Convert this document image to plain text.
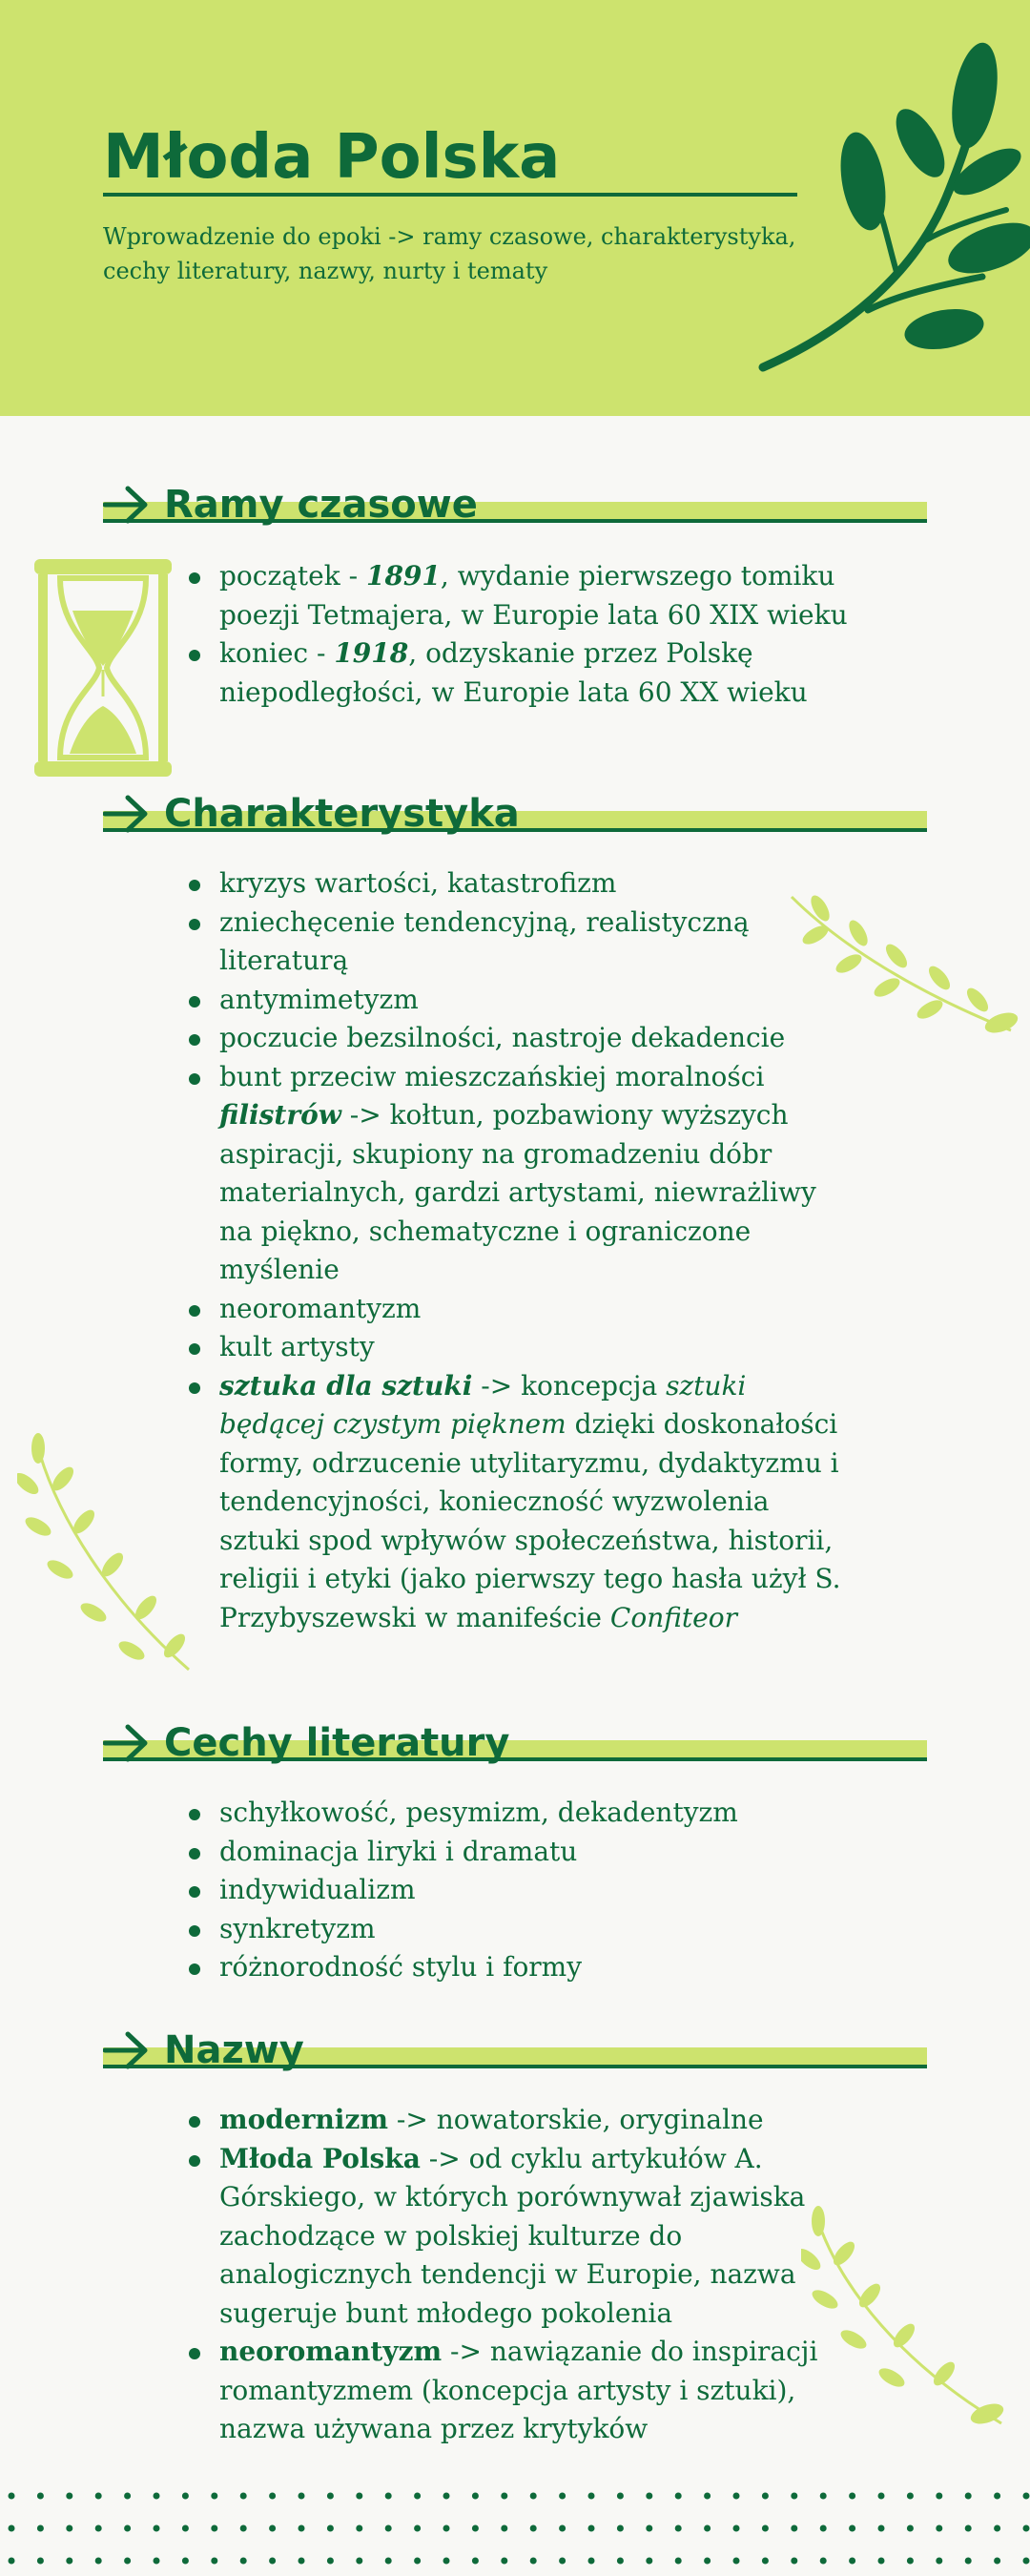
Młoda Polska
Wprowadzenie do epoki -> ramy czasowe, charakterystyka, cechy literatury, nazwy, nurty i tematy
Ramy czasowe
początek - 1891, wydanie pierwszego tomiku poezji Tetmajera, w Europie lata 60 XIX wieku
koniec - 1918, odzyskanie przez Polskę niepodległości, w Europie lata 60 XX wieku
Charakterystyka
kryzys wartości, katastrofizm
zniechęcenie tendencyjną, realistyczną literaturą
antymimetyzm
poczucie bezsilności, nastroje dekadencie
bunt przeciw mieszczańskiej moralności
filistrów -> kołtun, pozbawiony wyższych aspiracji, skupiony na gromadzeniu dóbr materialnych, gardzi artystami, niewrażliwy na piękno, schematyczne i ograniczone myślenie
neoromantyzm
kult artysty
sztuka dla sztuki -> koncepcja sztuki będącej czystym pięknem dzięki doskonałości formy, odrzucenie utylitaryzmu, dydaktyzmu i tendencyjności, konieczność wyzwolenia sztuki spod wpływów społeczeństwa, historii, religii i etyki (jako pierwszy tego hasła użył S. Przybyszewski w manifeście Confiteor
Cechy literatury
schyłkowość, pesymizm, dekadentyzm
dominacja liryki i dramatu
indywidualizm
synkretyzm
różnorodność stylu i formy
Nazwy
modernizm -> nowatorskie, oryginalne
Młoda Polska -> od cyklu artykułów A. Górskiego, w których porównywał zjawiska zachodzące w polskiej kulturze do analogicznych tendencji w Europie, nazwa sugeruje bunt młodego pokolenia
neoromantyzm -> nawiązanie do inspiracji romantyzmem (koncepcja artysty i sztuki), nazwa używana przez krytyków
